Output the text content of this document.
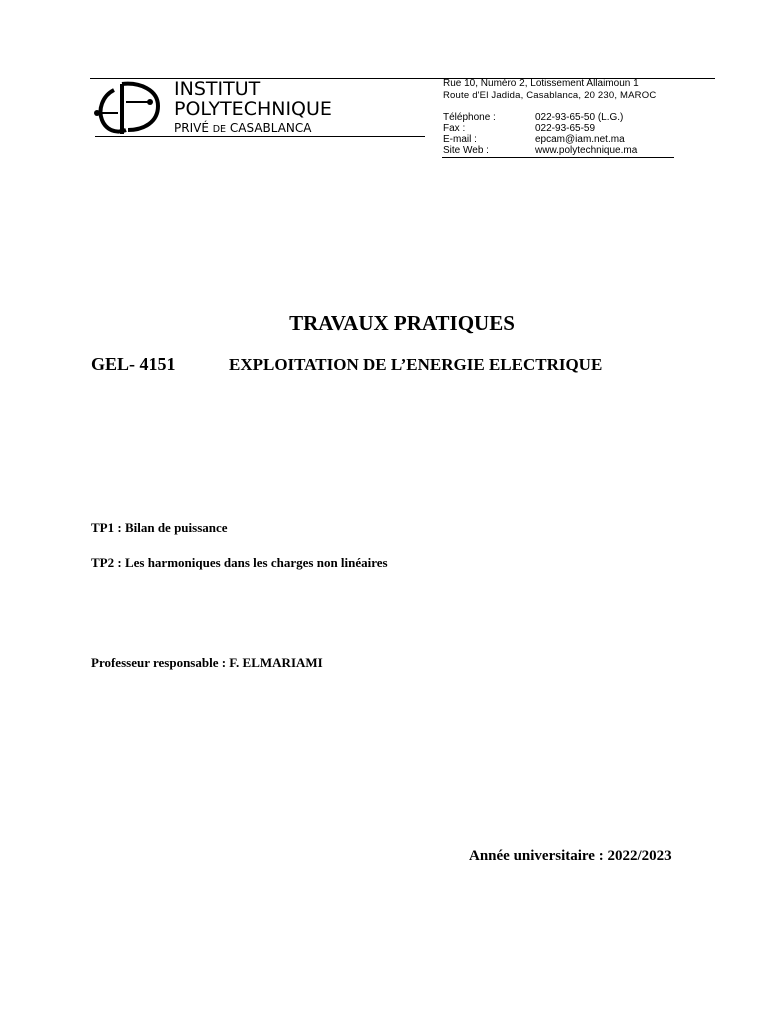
INSTITUT
POLYTECHNIQUE
PRIVÉ DE CASABLANCA
Rue 10, Numéro 2, Lotissement Allaimoun 1
Route d'El Jadida, Casablanca, 20 230, MAROC
Téléphone :	022-93-65-50 (L.G.)
Fax :	022-93-65-59
E-mail :	epcam@iam.net.ma
Site Web :	www.polytechnique.ma
TRAVAUX PRATIQUES
GEL- 4151	EXPLOITATION DE L’ENERGIE ELECTRIQUE
TP1 : Bilan de puissance
TP2 : Les harmoniques dans les charges non linéaires
Professeur responsable : F. ELMARIAMI
Année universitaire : 2022/2023
